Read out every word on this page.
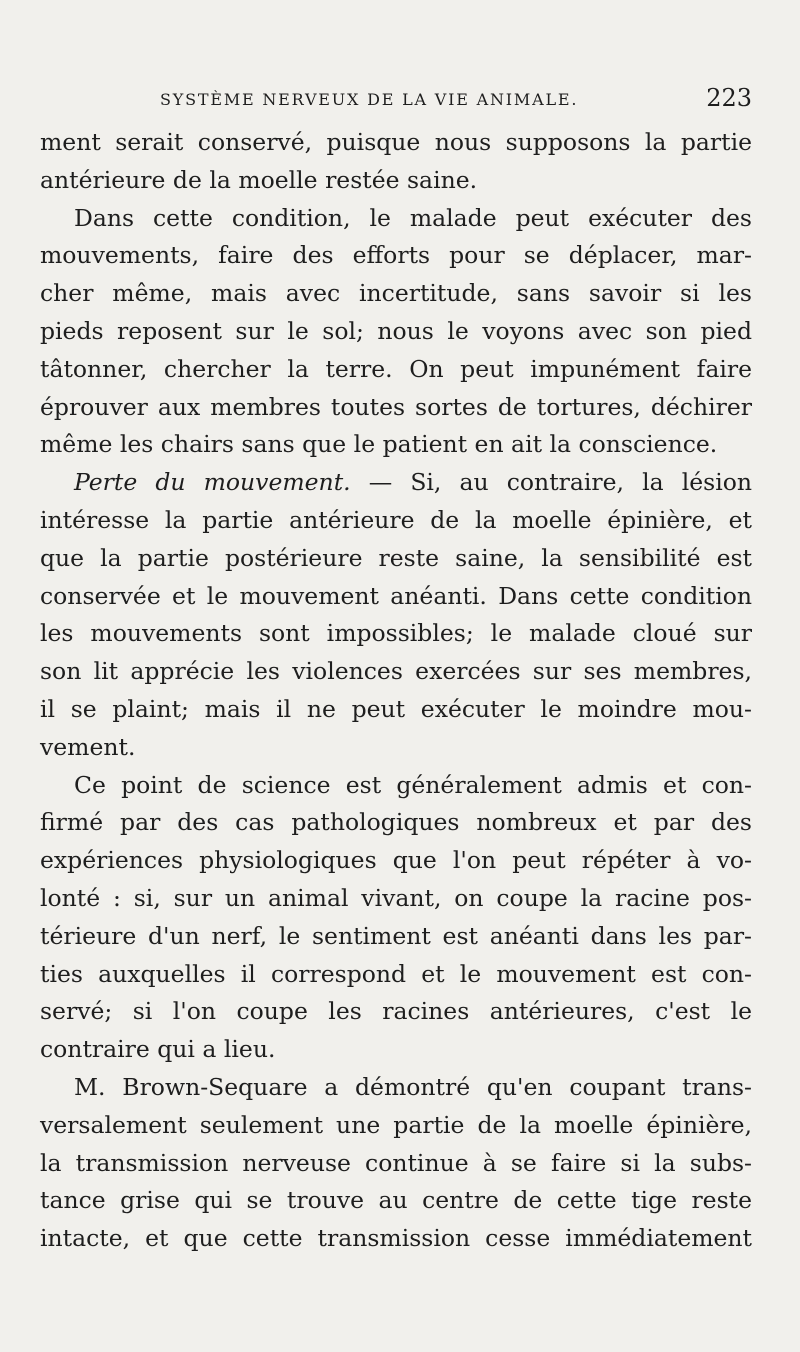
SYSTÈME NERVEUX DE LA VIE ANIMALE.	223
ment serait conservé, puisque nous supposons la partie
antérieure de la moelle restée saine.
Dans cette condition, le malade peut exécuter des
mouvements, faire des efforts pour se déplacer, mar-
cher même, mais avec incertitude, sans savoir si les
pieds reposent sur le sol; nous le voyons avec son pied
tâtonner, chercher la terre. On peut impunément faire
éprouver aux membres toutes sortes de tortures, déchirer
même les chairs sans que le patient en ait la conscience.
Perte du mouvement. — Si, au contraire, la lésion
intéresse la partie antérieure de la moelle épinière, et
que la partie postérieure reste saine, la sensibilité est
conservée et le mouvement anéanti. Dans cette condition
les mouvements sont impossibles; le malade cloué sur
son lit apprécie les violences exercées sur ses membres,
il se plaint; mais il ne peut exécuter le moindre mou-
vement.
Ce point de science est généralement admis et con-
firmé par des cas pathologiques nombreux et par des
expériences physiologiques que l'on peut répéter à vo-
lonté : si, sur un animal vivant, on coupe la racine pos-
térieure d'un nerf, le sentiment est anéanti dans les par-
ties auxquelles il correspond et le mouvement est con-
servé; si l'on coupe les racines antérieures, c'est le
contraire qui a lieu.
M. Brown-Sequare a démontré qu'en coupant trans-
versalement seulement une partie de la moelle épinière,
la transmission nerveuse continue à se faire si la subs-
tance grise qui se trouve au centre de cette tige reste
intacte, et que cette transmission cesse immédiatement
